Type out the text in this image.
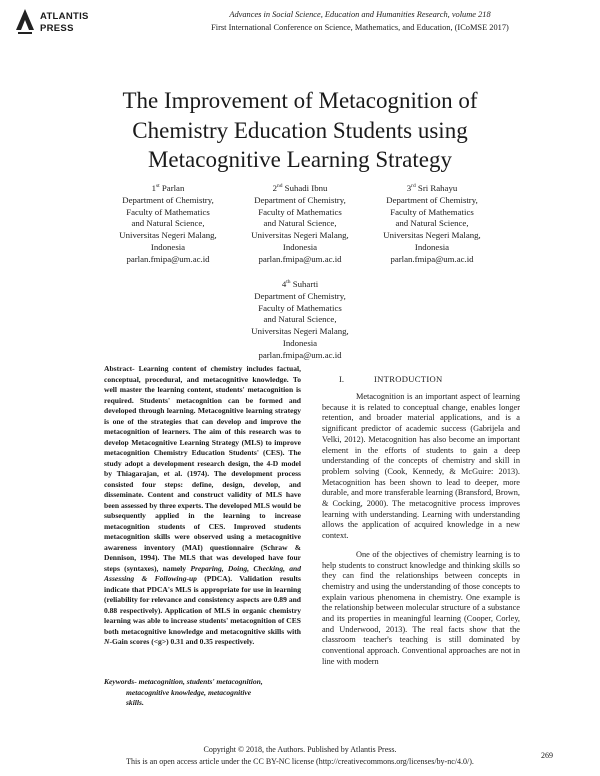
ATLANTIS
PRESS
Advances in Social Science, Education and Humanities Research, volume 218
First International Conference on Science, Mathematics, and Education, (ICoMSE 2017)
The Improvement of Metacognition of
Chemistry Education Students using
Metacognitive Learning Strategy
1st Parlan
Department of Chemistry,
Faculty of Mathematics
and Natural Science,
Universitas Negeri Malang,
Indonesia
parlan.fmipa@um.ac.id
2nd Suhadi Ibnu
Department of Chemistry,
Faculty of Mathematics
and Natural Science,
Universitas Negeri Malang,
Indonesia
parlan.fmipa@um.ac.id
3rd Sri Rahayu
Department of Chemistry,
Faculty of Mathematics
and Natural Science,
Universitas Negeri Malang,
Indonesia
parlan.fmipa@um.ac.id
4th Suharti
Department of Chemistry,
Faculty of Mathematics
and Natural Science,
Universitas Negeri Malang,
Indonesia
parlan.fmipa@um.ac.id
Abstract- Learning content of chemistry includes factual, conceptual, procedural, and metacognitive knowledge. To well master the learning content, students' metacognition is required. Students' metacognition can be formed and developed through learning. Metacognitive learning strategy is one of the strategies that can develop and improve the metacognition of learners. The aim of this research was to develop Metacognitive Learning Strategy (MLS) to improve metacognition Chemistry Education Students' (CES). The study adopt a development research design, the 4-D model by Thiagarajan, et al. (1974). The development process consisted four steps: define, design, develop, and disseminate. Content and construct validity of MLS have been assessed by three experts. The developed MLS would be subsequently applied in the learning to increase metacognition students of CES. Improved students metacognition skills were observed using a metacognitive awareness inventory (MAI) questionnaire (Schraw & Dennison, 1994). The MLS that was developed have four steps (syntaxes), namely Preparing, Doing, Checking, and Assessing & Following-up (PDCA). Validation results indicate that PDCA's MLS is appropriate for use in learning (reliability for relevance and consistency aspects are 0.89 and 0.88 respectively). Application of MLS in organic chemistry learning was able to increase students' metacognition of CES both metacognitive knowledge and metacognitive skills with N-Gain scores (<g>) 0.31 and 0.35 respectively.
Keywords- metacognition, students' metacognition,
metacognitive knowledge, metacognitive
skills.
I.	INTRODUCTION

Metacognition is an important aspect of learning because it is related to conceptual change, enables longer retention, and broader material applications, and is a significant predictor of academic success (Gabrijela and Velki, 2012). Metacognition has also become an important element in the efforts of students to gain a deep understanding of the concepts of chemistry and skill in problem solving (Cook, Kennedy, & McGuire: 2013). Metacognition has been shown to lead to deeper, more durable, and more transferable learning (Bransford, Brown, & Cocking, 2000). The metacognitive process improves learning with understanding. Learning with understanding allows the application of acquired knowledge in a new context.

One of the objectives of chemistry learning is to help students to construct knowledge and thinking skills so they can find the relationships between concepts in chemistry and using the understanding of those concepts to explain various phenomena in chemistry. One example is the relationship between molecular structure of a substance and its properties in meaningful learning (Cooper, Corley, and Underwood, 2013). The real facts show that the classroom teacher's teaching is still dominated by conventional approach. Conventional approaches are not in line with modern

Copyright © 2018, the Authors. Published by Atlantis Press.
This is an open access article under the CC BY-NC license (http://creativecommons.org/licenses/by-nc/4.0/).
269
